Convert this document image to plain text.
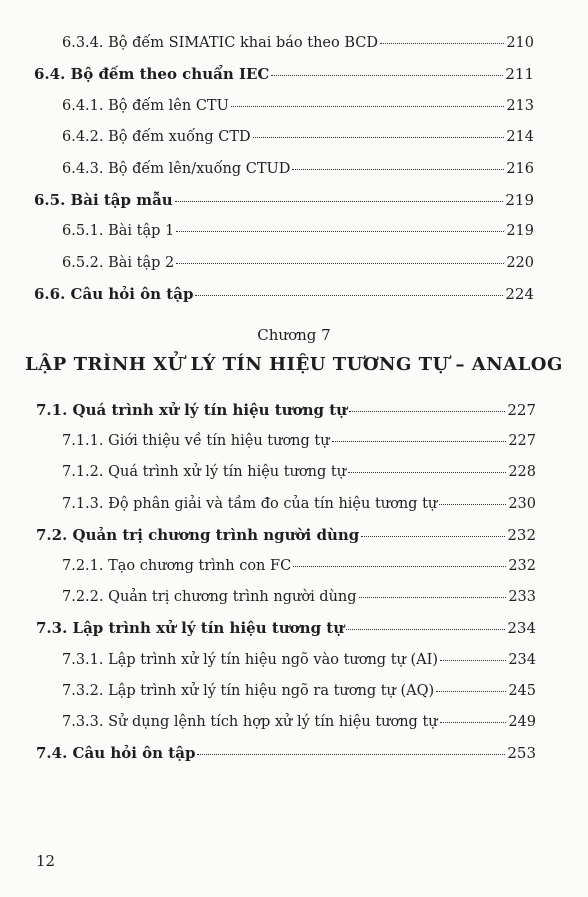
6.3.4. Bộ đếm SIMATIC khai báo theo BCD	210
6.4. Bộ đếm theo chuẩn IEC	211
6.4.1. Bộ đếm lên CTU	213
6.4.2. Bộ đếm xuống CTD	214
6.4.3. Bộ đếm lên/xuống CTUD	216
6.5. Bài tập mẫu	219
6.5.1. Bài tập 1	219
6.5.2. Bài tập 2	220
6.6. Câu hỏi ôn tập	224
Chương 7
LẬP TRÌNH XỬ LÝ TÍN HIỆU TƯƠNG TỰ – ANALOG
7.1. Quá trình xử lý tín hiệu tương tự	227
7.1.1. Giới thiệu về tín hiệu tương tự	227
7.1.2. Quá trình xử lý tín hiệu tương tự	228
7.1.3. Độ phân giải và tầm đo của tín hiệu tương tự	230
7.2. Quản trị chương trình người dùng	232
7.2.1. Tạo chương trình con FC	232
7.2.2. Quản trị chương trình người dùng	233
7.3. Lập trình xử lý tín hiệu tương tự	234
7.3.1. Lập trình xử lý tín hiệu ngõ vào tương tự (AI)	234
7.3.2. Lập trình xử lý tín hiệu ngõ ra tương tự (AQ)	245
7.3.3. Sử dụng lệnh tích hợp xử lý tín hiệu tương tự	249
7.4. Câu hỏi ôn tập	253
12
